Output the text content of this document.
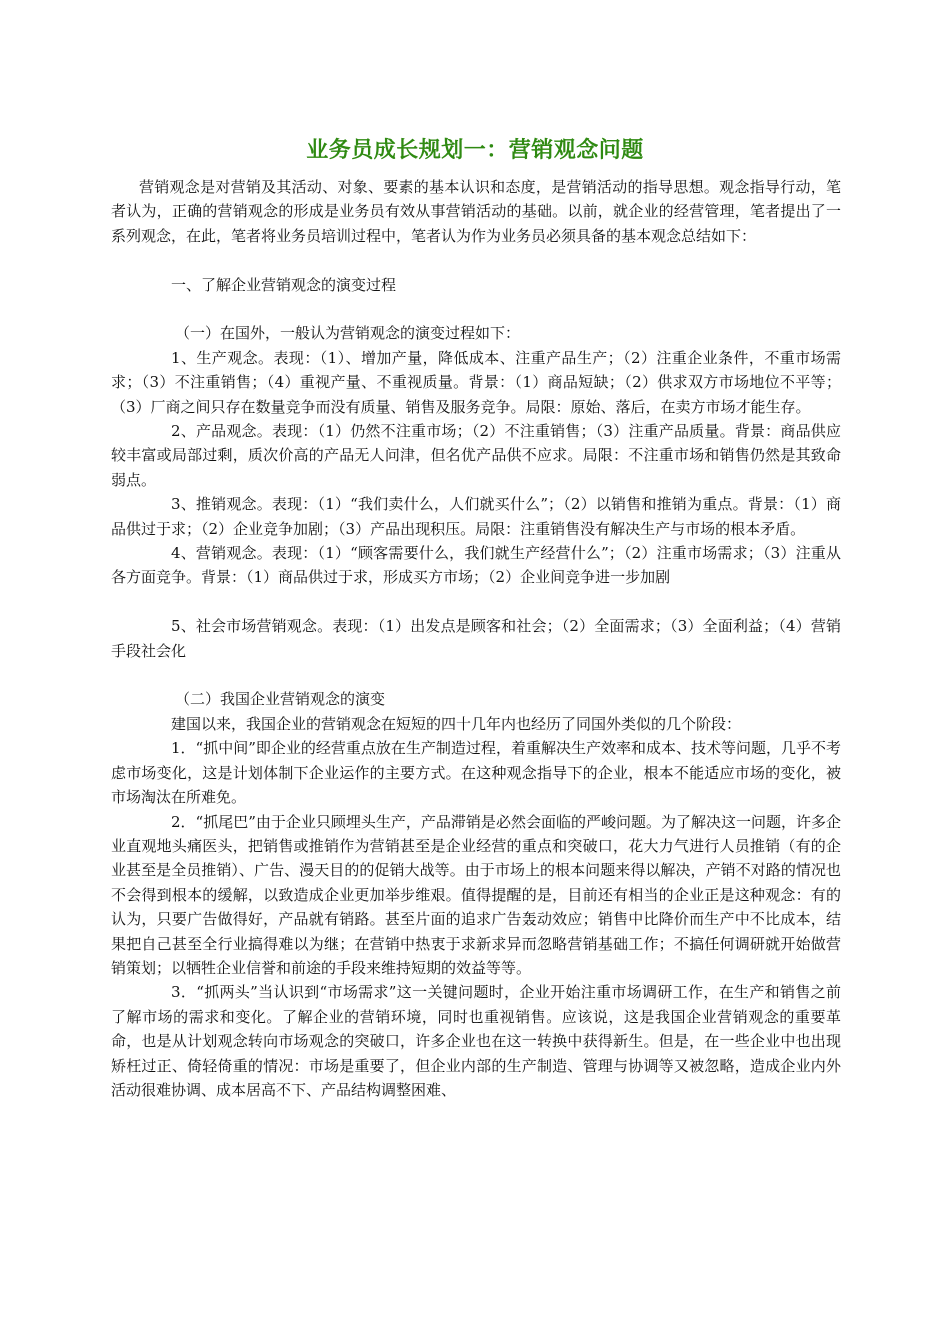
业务员成长规划一：营销观念问题

营销观念是对营销及其活动、对象、要素的基本认识和态度，是营销活动的指导思想。观念指导行动，笔者认为，正确的营销观念的形成是业务员有效从事营销活动的基础。以前，就企业的经营管理，笔者提出了一系列观念，在此，笔者将业务员培训过程中，笔者认为作为业务员必须具备的基本观念总结如下：

一、了解企业营销观念的演变过程

（一）在国外，一般认为营销观念的演变过程如下：

1、生产观念。表现：（1）、增加产量，降低成本、注重产品生产；（2）注重企业条件，不重市场需求；（3）不注重销售；（4）重视产量、不重视质量。背景：（1）商品短缺；（2）供求双方市场地位不平等；（3）厂商之间只存在数量竞争而没有质量、销售及服务竞争。局限：原始、落后，在卖方市场才能生存。

2、产品观念。表现：（1）仍然不注重市场；（2）不注重销售；（3）注重产品质量。背景：商品供应较丰富或局部过剩，质次价高的产品无人问津，但名优产品供不应求。局限：不注重市场和销售仍然是其致命弱点。

3、推销观念。表现：（1）“我们卖什么，人们就买什么”；（2）以销售和推销为重点。背景：（1）商品供过于求；（2）企业竞争加剧；（3）产品出现积压。局限：注重销售没有解决生产与市场的根本矛盾。

4、营销观念。表现：（1）“顾客需要什么，我们就生产经营什么”；（2）注重市场需求；（3）注重从各方面竞争。背景：（1）商品供过于求，形成买方市场；（2）企业间竞争进一步加剧

5、社会市场营销观念。表现：（1）出发点是顾客和社会；（2）全面需求；（3）全面利益；（4）营销手段社会化

（二）我国企业营销观念的演变

建国以来，我国企业的营销观念在短短的四十几年内也经历了同国外类似的几个阶段：

1．“抓中间”即企业的经营重点放在生产制造过程，着重解决生产效率和成本、技术等问题，几乎不考虑市场变化，这是计划体制下企业运作的主要方式。在这种观念指导下的企业，根本不能适应市场的变化，被市场淘汰在所难免。

2．“抓尾巴”由于企业只顾埋头生产，产品滞销是必然会面临的严峻问题。为了解决这一问题，许多企业直观地头痛医头，把销售或推销作为营销甚至是企业经营的重点和突破口，花大力气进行人员推销（有的企业甚至是全员推销）、广告、漫天目的的促销大战等。由于市场上的根本问题来得以解决，产销不对路的情况也不会得到根本的缓解，以致造成企业更加举步维艰。值得提醒的是，目前还有相当的企业正是这种观念：有的认为，只要广告做得好，产品就有销路。甚至片面的追求广告轰动效应；销售中比降价而生产中不比成本，结果把自己甚至全行业搞得难以为继；在营销中热衷于求新求异而忽略营销基础工作；不搞任何调研就开始做营销策划；以牺牲企业信誉和前途的手段来维持短期的效益等等。

3．“抓两头”当认识到“市场需求”这一关键问题时，企业开始注重市场调研工作，在生产和销售之前了解市场的需求和变化。了解企业的营销环境，同时也重视销售。应该说，这是我国企业营销观念的重要革命，也是从计划观念转向市场观念的突破口，许多企业也在这一转换中获得新生。但是，在一些企业中也出现矫枉过正、倚轻倚重的情况：市场是重要了，但企业内部的生产制造、管理与协调等又被忽略，造成企业内外活动很难协调、成本居高不下、产品结构调整困难、
